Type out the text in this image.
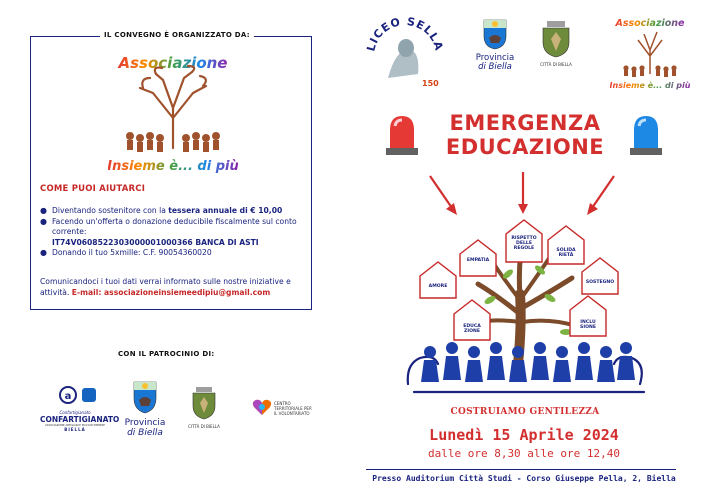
IL CONVEGNO È ORGANIZZATO DA:
Associazione
Insieme è... di più
COME PUOI AIUTARCI
● Diventando sostenitore con la tessera annuale di € 10,00
● Facendo un'offerta o donazione deducibile fiscalmente sul conto corrente:
IT74V0608522303000001000366 BANCA DI ASTI
● Donando il tuo 5xmille: C.F. 90054360020
Comunicandoci i tuoi dati verrai informato sulle nostre iniziative e attività. E-mail: associazioneinsiemeedipiu@gmail.com
CON IL PATROCINIO DI:
a
Confartigianato
CONFARTIGIANATO
ASSOCIAZIONE ARTIGIANI E PICCOLE IMPRESE
BIELLA
Provincia
di Biella
CITTÀ DI BIELLA
CENTRO TERRITORIALE PER IL VOLONTARIATO
ICEO SELL
150
Provincia
di Biella	CITTÀ DI BIELLA
Associazione
Insieme è... di più
EMERGENZA
EDUCAZIONE
EMPATIA
RISPETTO
DELLE
REGOLE	SOLIDA
RIETÀ
AMORE
SOSTEGNO
EDUCA
ZIONE
INCLU
SIONE
COSTRUIAMO GENTILEZZA
Lunedì 15 Aprile 2024
dalle ore 8,30 alle ore 12,40
Presso Auditorium Città Studi - Corso Giuseppe Pella, 2, Biella
